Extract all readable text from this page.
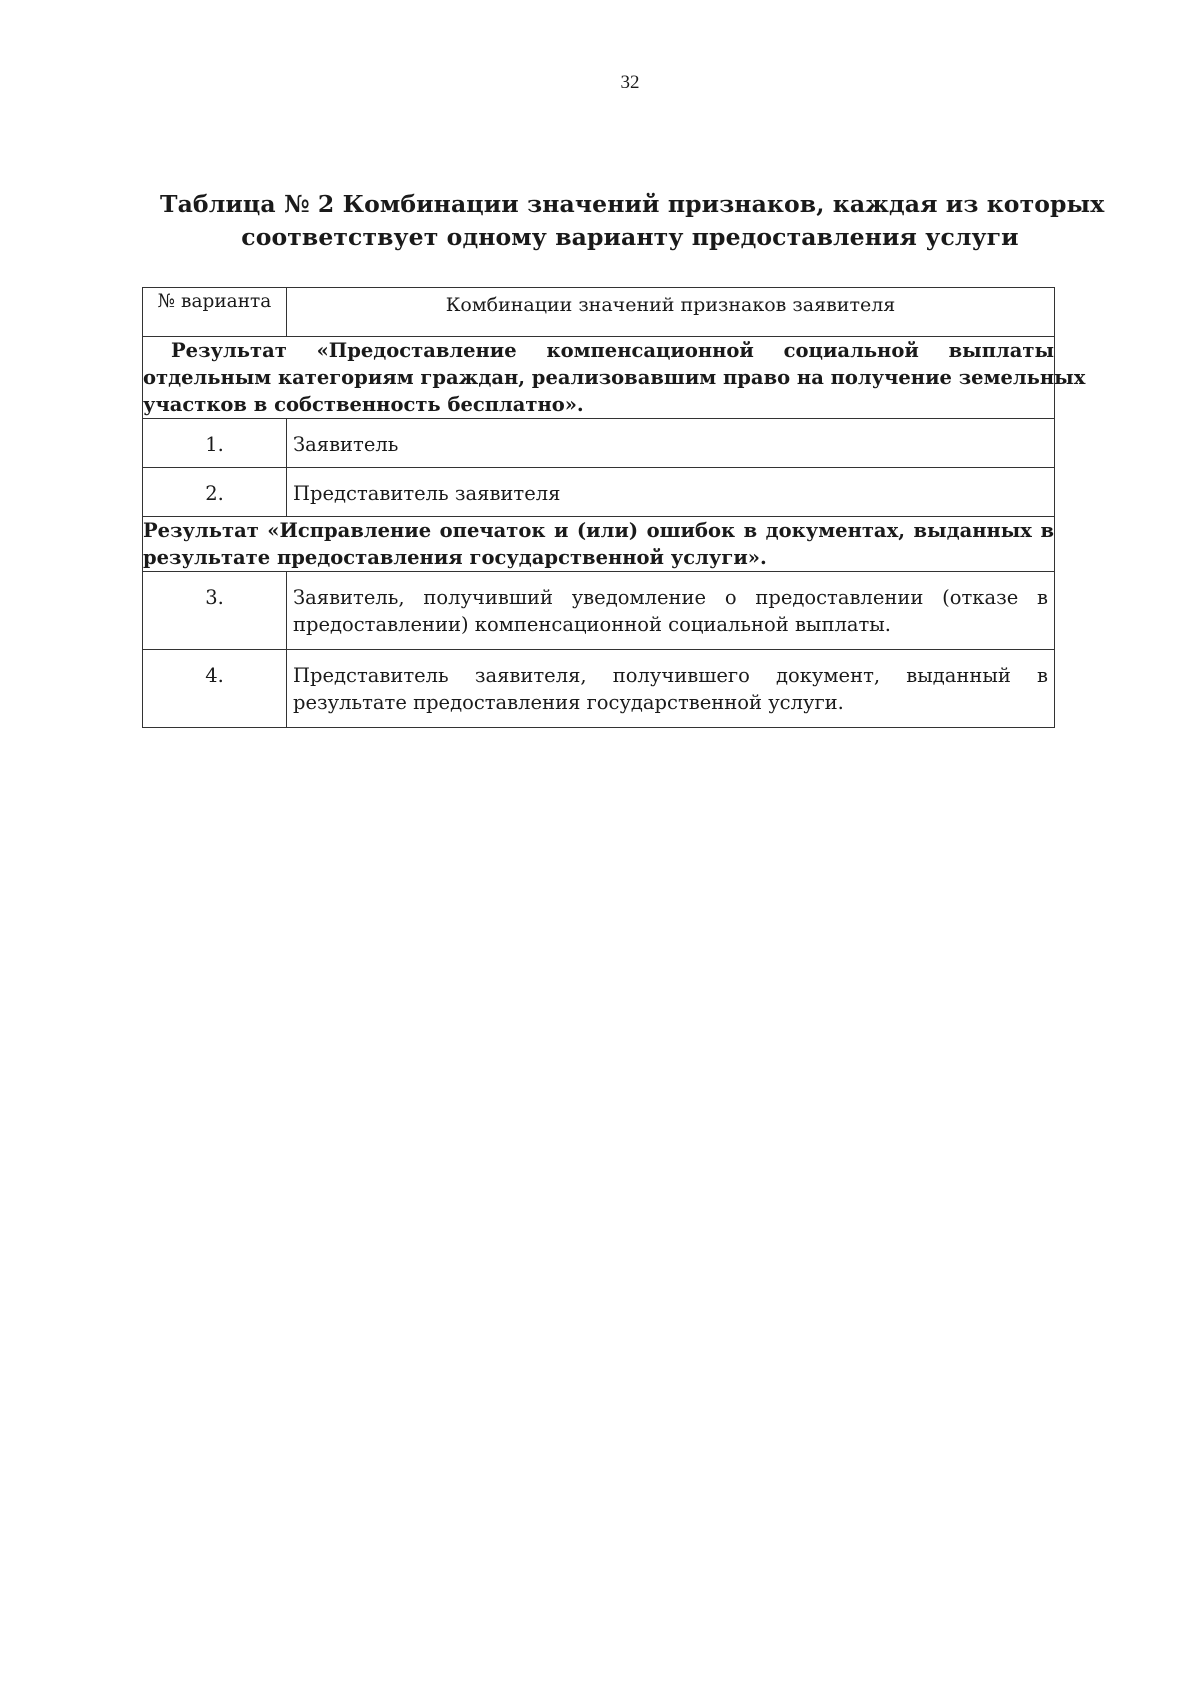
32
Таблица № 2 Комбинации значений признаков, каждая из которых
соответствует одному варианту предоставления услуги
№ варианта	Комбинации значений признаков заявителя

Результат «Предоставление компенсационной социальной выплаты
отдельным категориям граждан, реализовавшим право на получение земельных
участков в собственность бесплатно».	
1.	Заявитель
2.	Представитель заявителя

Результат «Исправление опечаток и (или) ошибок в документах, выданных в
результате предоставления государственной услуги».	
3.	Заявитель, получивший уведомление о предоставлении (отказе в
предоставлении) компенсационной социальной выплаты.

4.	Представитель заявителя, получившего документ, выданный в
результате предоставления государственной услуги.
